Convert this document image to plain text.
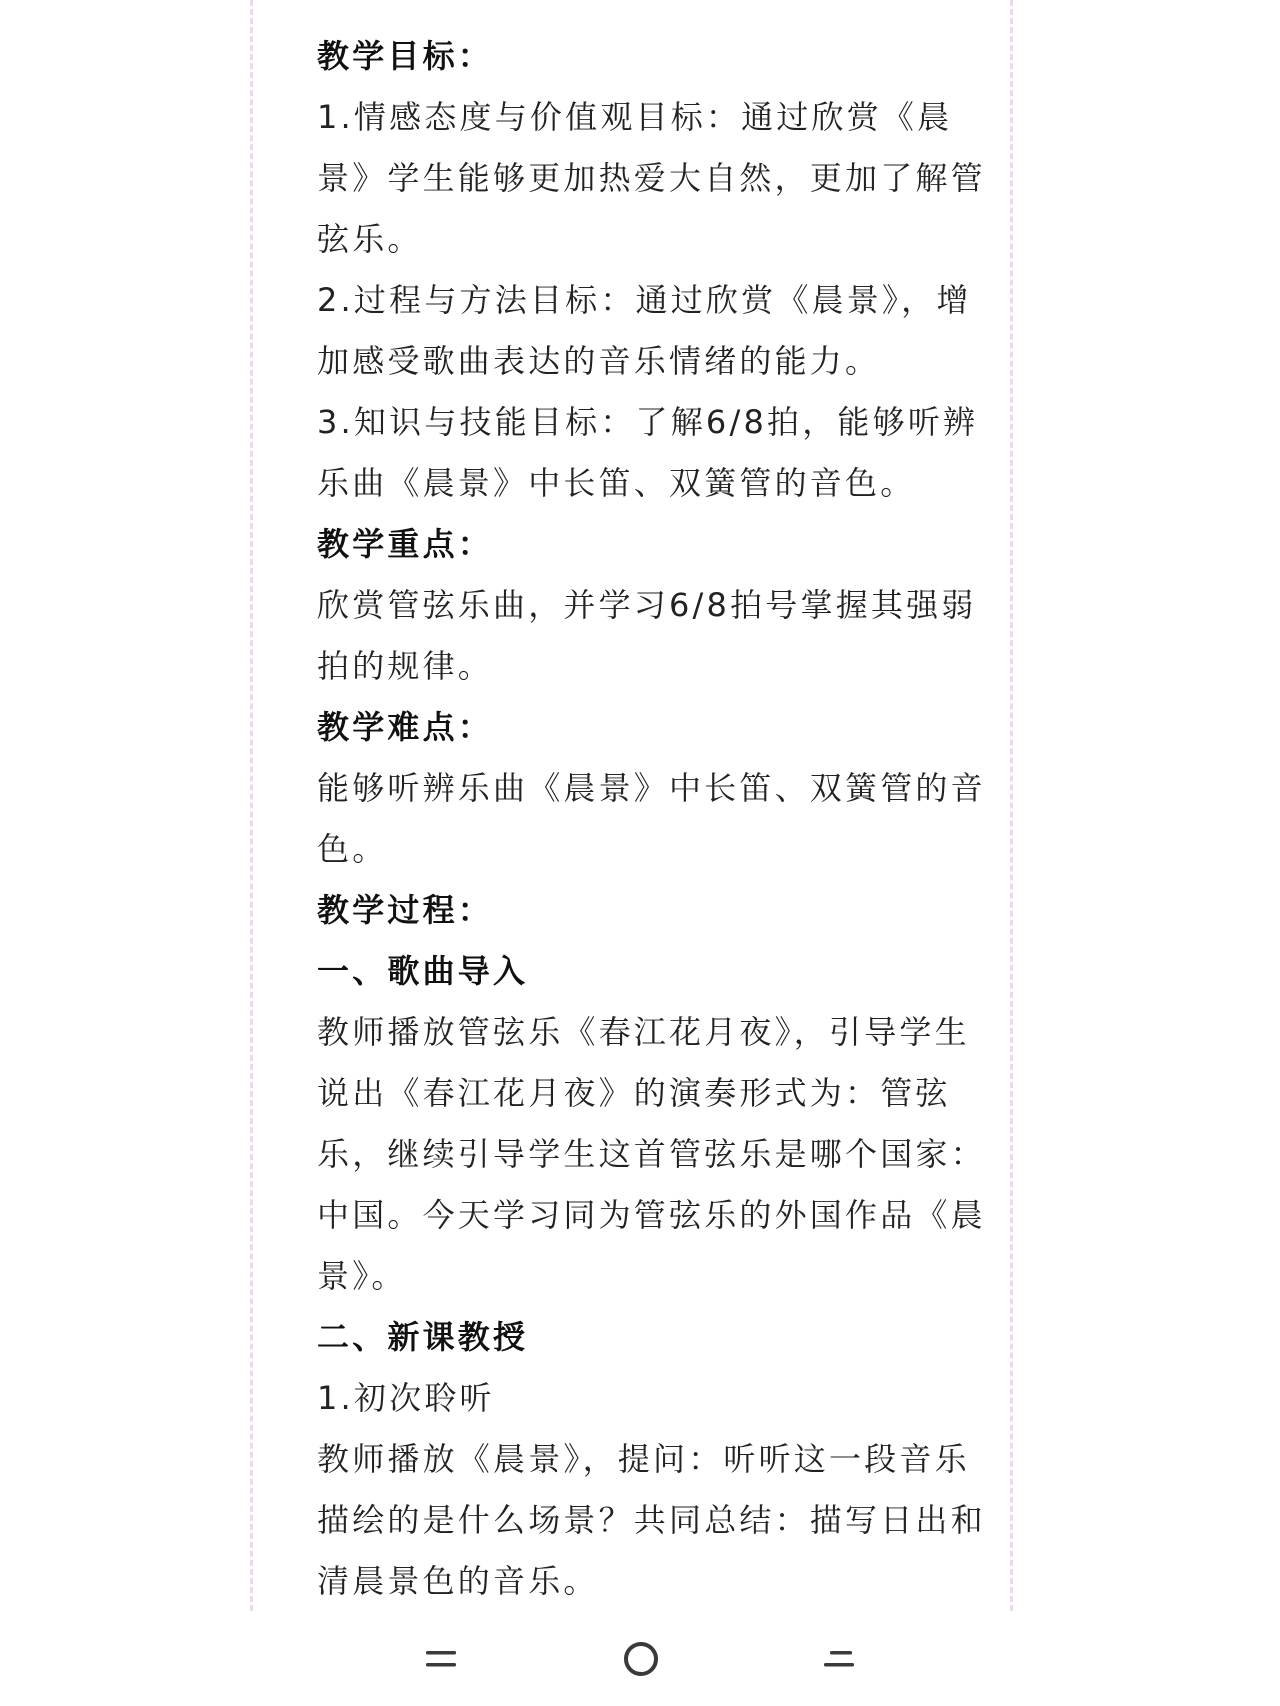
教学目标：
1.情感态度与价值观目标：通过欣赏《晨
景》学生能够更加热爱大自然，更加了解管
弦乐。
2.过程与方法目标：通过欣赏《晨景》，增
加感受歌曲表达的音乐情绪的能力。
3.知识与技能目标：了解6/8拍，能够听辨
乐曲《晨景》中长笛、双簧管的音色。
教学重点：
欣赏管弦乐曲，并学习6/8拍号掌握其强弱
拍的规律。
教学难点：
能够听辨乐曲《晨景》中长笛、双簧管的音
色。
教学过程：
一、歌曲导入
教师播放管弦乐《春江花月夜》，引导学生
说出《春江花月夜》的演奏形式为：管弦
乐，继续引导学生这首管弦乐是哪个国家：
中国。今天学习同为管弦乐的外国作品《晨
景》。
二、新课教授
1.初次聆听
教师播放《晨景》，提问：听听这一段音乐
描绘的是什么场景？共同总结：描写日出和
清晨景色的音乐。
